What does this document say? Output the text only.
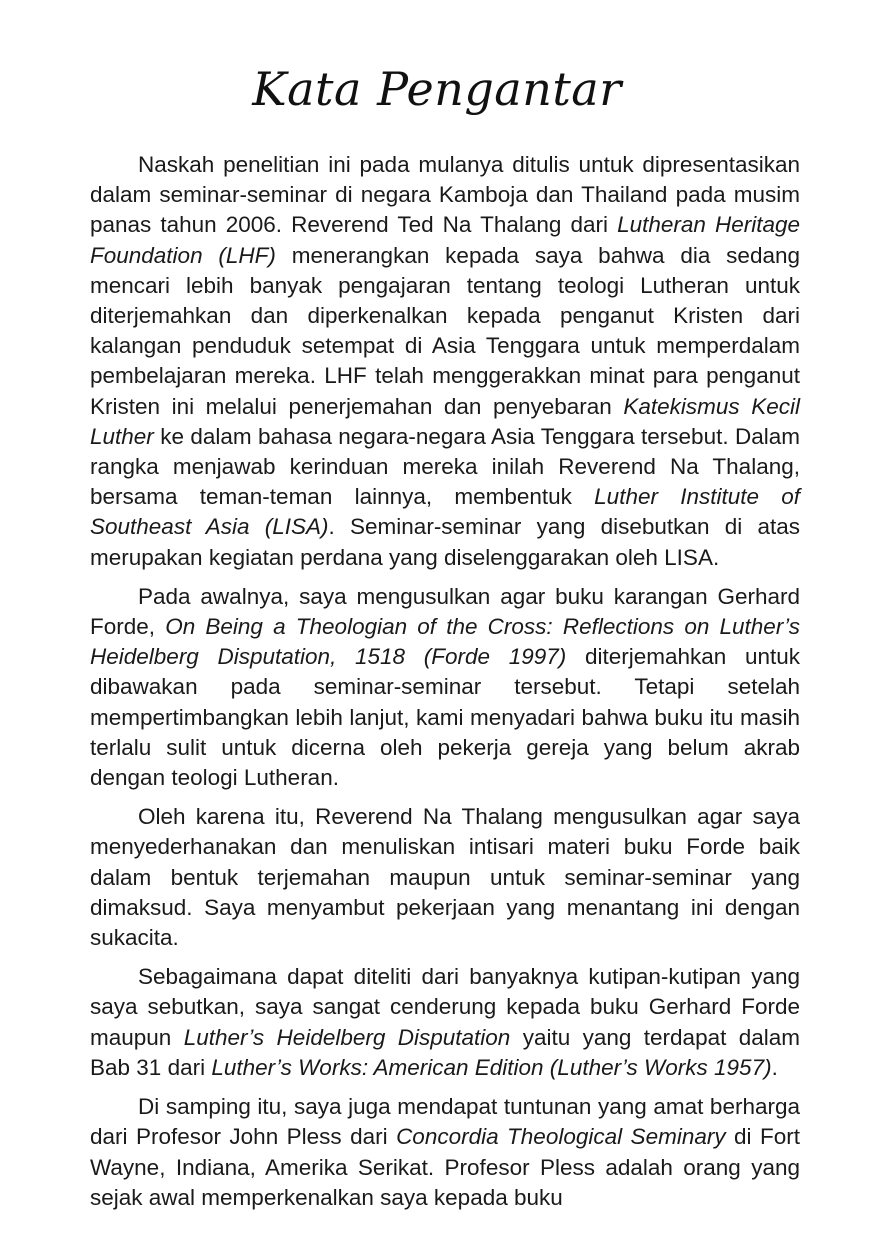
Kata Pengantar

Naskah penelitian ini pada mulanya ditulis untuk dipresentasikan dalam seminar-seminar di negara Kamboja dan Thailand pada musim panas tahun 2006. Reverend Ted Na Thalang dari Lutheran Heritage Foundation (LHF) menerangkan kepada saya bahwa dia sedang mencari lebih banyak pengajaran tentang teologi Lutheran untuk diterjemahkan dan diperkenalkan kepada penganut Kristen dari kalangan penduduk setempat di Asia Tenggara untuk memperdalam pembelajaran mereka. LHF telah menggerakkan minat para penganut Kristen ini melalui penerjemahan dan penyebaran Katekismus Kecil Luther ke dalam bahasa negara-negara Asia Tenggara tersebut. Dalam rangka menjawab kerinduan mereka inilah Reverend Na Thalang, bersama teman-teman lainnya, membentuk Luther Institute of Southeast Asia (LISA). Seminar-seminar yang disebutkan di atas merupakan kegiatan perdana yang diselenggarakan oleh LISA.

Pada awalnya, saya mengusulkan agar buku karangan Gerhard Forde, On Being a Theologian of the Cross: Reflections on Luther’s Heidelberg Disputation, 1518 (Forde 1997) diterjemahkan untuk dibawakan pada seminar-seminar tersebut. Tetapi setelah mempertimbangkan lebih lanjut, kami menyadari bahwa buku itu masih terlalu sulit untuk dicerna oleh pekerja gereja yang belum akrab dengan teologi Lutheran.

Oleh karena itu, Reverend Na Thalang mengusulkan agar saya menyederhanakan dan menuliskan intisari materi buku Forde baik dalam bentuk terjemahan maupun untuk seminar-seminar yang dimaksud. Saya menyambut pekerjaan yang menantang ini dengan sukacita.

Sebagaimana dapat diteliti dari banyaknya kutipan-kutipan yang saya sebutkan, saya sangat cenderung kepada buku Gerhard Forde maupun Luther’s Heidelberg Disputation yaitu yang terdapat dalam Bab 31 dari Luther’s Works: American Edition (Luther’s Works 1957).

Di samping itu, saya juga mendapat tuntunan yang amat berharga dari Profesor John Pless dari Concordia Theological Seminary di Fort Wayne, Indiana, Amerika Serikat. Profesor Pless adalah orang yang sejak awal memperkenalkan saya kepada buku
